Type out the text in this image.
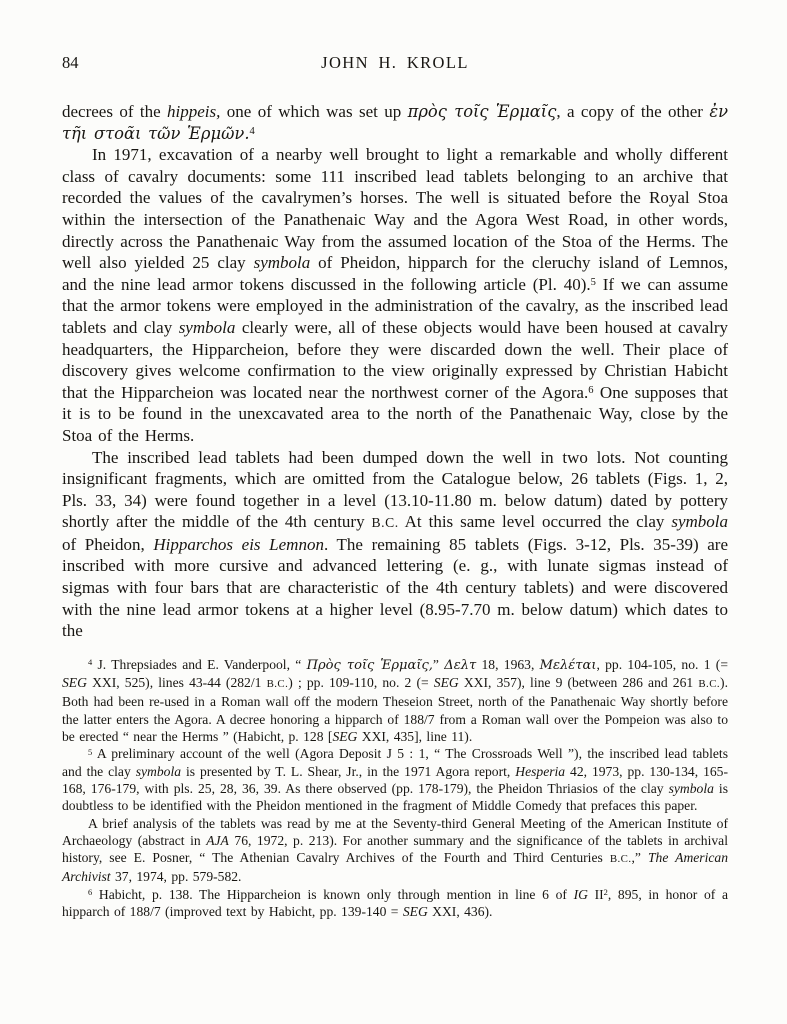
84	JOHN H. KROLL

decrees of the hippeis, one of which was set up πρὸς τοῖς Ἑρμαῖς, a copy of the other ἐν τῆι στοᾶι τῶν Ἑρμῶν.$^4$

In 1971, excavation of a nearby well brought to light a remarkable and wholly different class of cavalry documents: some 111 inscribed lead tablets belonging to an archive that recorded the values of the cavalrymen’s horses. The well is situated before the Royal Stoa within the intersection of the Panathenaic Way and the Agora West Road, in other words, directly across the Panathenaic Way from the assumed location of the Stoa of the Herms. The well also yielded 25 clay symbola of Pheidon, hipparch for the cleruchy island of Lemnos, and the nine lead armor tokens discussed in the following article (Pl. 40).$^5$ If we can assume that the armor tokens were employed in the administration of the cavalry, as the inscribed lead tablets and clay symbola clearly were, all of these objects would have been housed at cavalry headquarters, the Hipparcheion, before they were discarded down the well. Their place of discovery gives welcome confirmation to the view originally expressed by Christian Habicht that the Hipparcheion was located near the northwest corner of the Agora.$^6$ One supposes that it is to be found in the unexcavated area to the north of the Panathenaic Way, close by the Stoa of the Herms.

The inscribed lead tablets had been dumped down the well in two lots. Not counting insignificant fragments, which are omitted from the Catalogue below, 26 tablets (Figs. 1, 2, Pls. 33, 34) were found together in a level (13.10-11.80 m. below datum) dated by pottery shortly after the middle of the 4th century B.C. At this same level occurred the clay symbola of Pheidon, Hipparchos eis Lemnon. The remaining 85 tablets (Figs. 3-12, Pls. 35-39) are inscribed with more cursive and advanced lettering (e. g., with lunate sigmas instead of sigmas with four bars that are characteristic of the 4th century tablets) and were discovered with the nine lead armor tokens at a higher level (8.95-7.70 m. below datum) which dates to the

$^4$ J. Threpsiades and E. Vanderpool, “ Πρὸς τοῖς Ἑρμαῖς,” Δελτ 18, 1963, Μελέται, pp. 104-105, no. 1 (= SEG XXI, 525), lines 43-44 (282/1 B.C.) ; pp. 109-110, no. 2 (= SEG XXI, 357), line 9 (between 286 and 261 B.C.). Both had been re-used in a Roman wall off the modern Theseion Street, north of the Panathenaic Way shortly before the latter enters the Agora. A decree honoring a hipparch of 188/7 from a Roman wall over the Pompeion was also to be erected “ near the Herms ” (Habicht, p. 128 [SEG XXI, 435], line 11).

$^5$ A preliminary account of the well (Agora Deposit J 5 : 1, “ The Crossroads Well ”), the inscribed lead tablets and the clay symbola is presented by T. L. Shear, Jr., in the 1971 Agora report, Hesperia 42, 1973, pp. 130-134, 165-168, 176-179, with pls. 25, 28, 36, 39. As there observed (pp. 178-179), the Pheidon Thriasios of the clay symbola is doubtless to be identified with the Pheidon mentioned in the fragment of Middle Comedy that prefaces this paper.

A brief analysis of the tablets was read by me at the Seventy-third General Meeting of the American Institute of Archaeology (abstract in AJA 76, 1972, p. 213). For another summary and the significance of the tablets in archival history, see E. Posner, “ The Athenian Cavalry Archives of the Fourth and Third Centuries B.C.,” The American Archivist 37, 1974, pp. 579-582.

$^6$ Habicht, p. 138. The Hipparcheion is known only through mention in line 6 of IG $II^2$, 895, in honor of a hipparch of 188/7 (improved text by Habicht, pp. 139-140 = SEG XXI, 436).
